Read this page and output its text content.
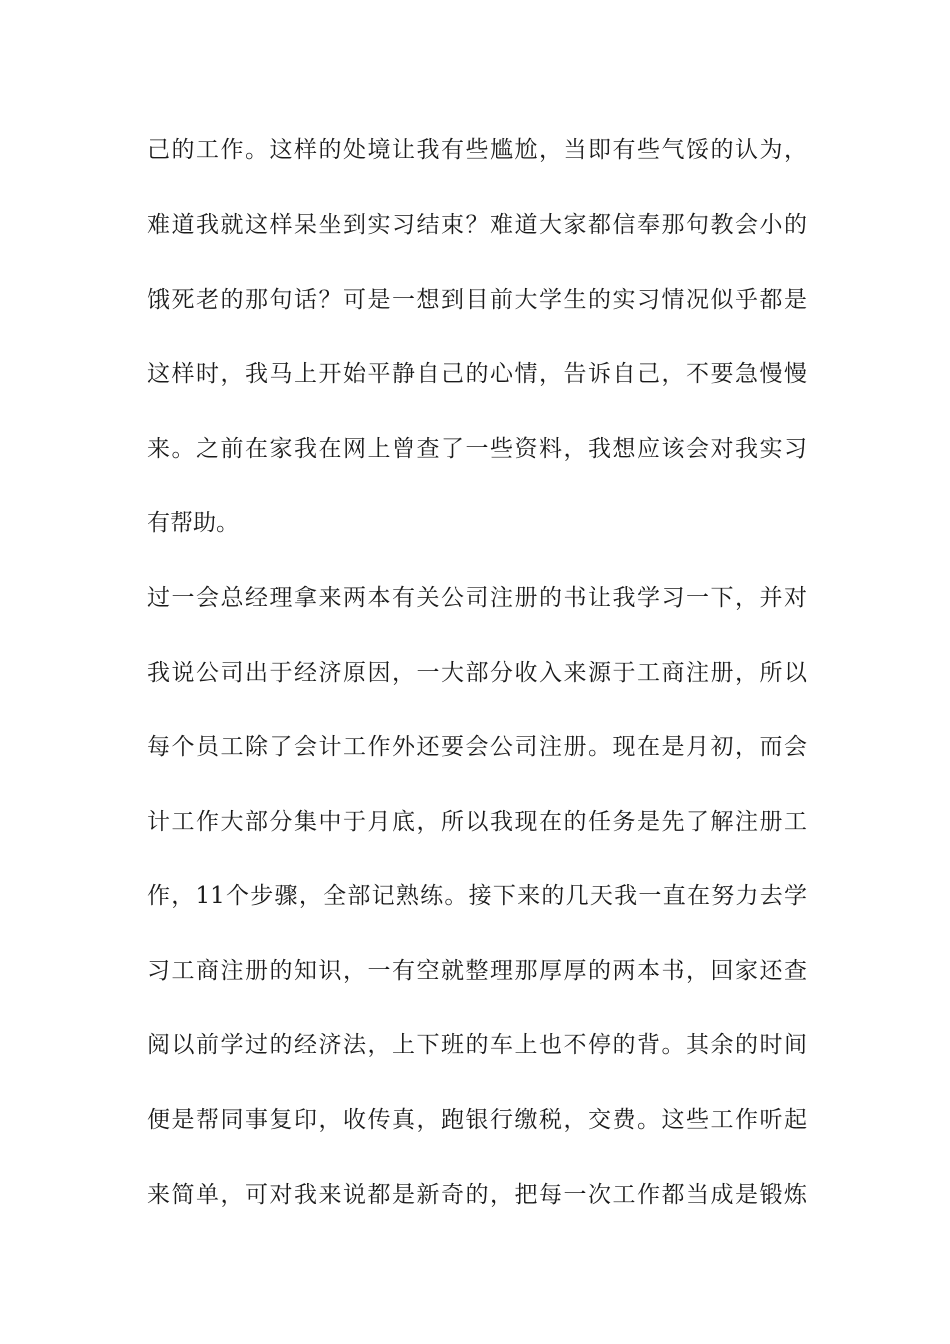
己的工作。这样的处境让我有些尴尬，当即有些气馁的认为，

难道我就这样呆坐到实习结束？难道大家都信奉那句教会小的

饿死老的那句话？可是一想到目前大学生的实习情况似乎都是

这样时，我马上开始平静自己的心情，告诉自己，不要急慢慢

来。之前在家我在网上曾查了一些资料，我想应该会对我实习

有帮助。

过一会总经理拿来两本有关公司注册的书让我学习一下，并对

我说公司出于经济原因，一大部分收入来源于工商注册，所以

每个员工除了会计工作外还要会公司注册。现在是月初，而会

计工作大部分集中于月底，所以我现在的任务是先了解注册工

作，11个步骤，全部记熟练。接下来的几天我一直在努力去学

习工商注册的知识，一有空就整理那厚厚的两本书，回家还查

阅以前学过的经济法，上下班的车上也不停的背。其余的时间

便是帮同事复印，收传真，跑银行缴税，交费。这些工作听起

来简单，可对我来说都是新奇的，把每一次工作都当成是锻炼
